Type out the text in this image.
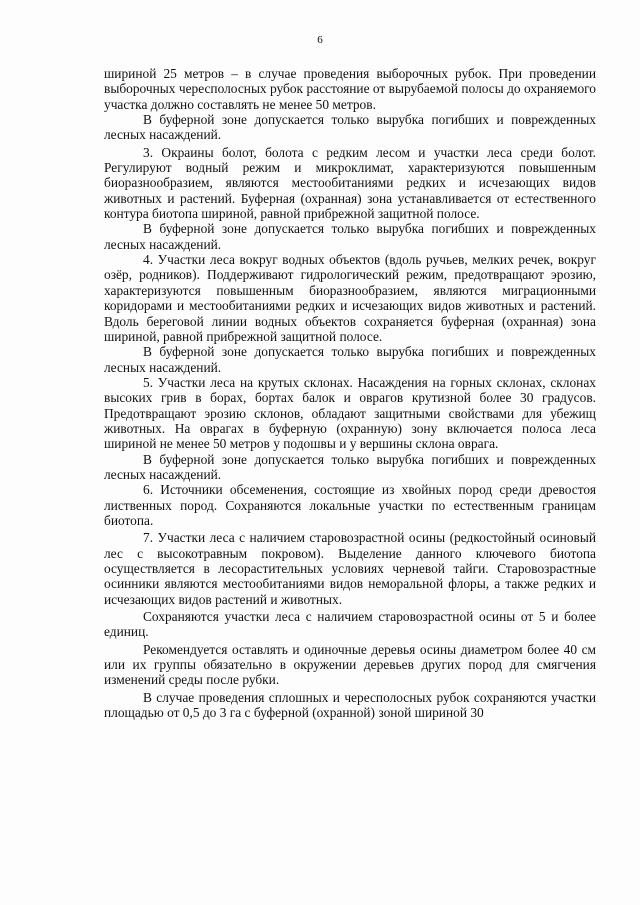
6

шириной 25 метров – в случае проведения выборочных рубок. При проведении выборочных чересполосных рубок расстояние от вырубаемой полосы до охраняемого участка должно составлять не менее 50 метров.

В буферной зоне допускается только вырубка погибших и поврежденных лесных насаждений.

3. Окраины болот, болота с редким лесом и участки леса среди болот. Регулируют водный режим и микроклимат, характеризуются повышенным биоразнообразием, являются местообитаниями редких и исчезающих видов животных и растений. Буферная (охранная) зона устанавливается от естественного контура биотопа шириной, равной прибрежной защитной полосе.

В буферной зоне допускается только вырубка погибших и поврежденных лесных насаждений.

4. Участки леса вокруг водных объектов (вдоль ручьев, мелких речек, вокруг озёр, родников). Поддерживают гидрологический режим, предотвращают эрозию, характеризуются повышенным биоразнообразием, являются миграционными коридорами и местообитаниями редких и исчезающих видов животных и растений. Вдоль береговой линии водных объектов сохраняется буферная (охранная) зона шириной, равной прибрежной защитной полосе.

В буферной зоне допускается только вырубка погибших и поврежденных лесных насаждений.

5. Участки леса на крутых склонах. Насаждения на горных склонах, склонах высоких грив в борах, бортах балок и оврагов крутизной более 30 градусов. Предотвращают эрозию склонов, обладают защитными свойствами для убежищ животных. На оврагах в буферную (охранную) зону включается полоса леса шириной не менее 50 метров у подошвы и у вершины склона оврага.

В буферной зоне допускается только вырубка погибших и поврежденных лесных насаждений.

6. Источники обсеменения, состоящие из хвойных пород среди древостоя лиственных пород. Сохраняются локальные участки по естественным границам биотопа.

7. Участки леса с наличием старовозрастной осины (редкостойный осиновый лес с высокотравным покровом). Выделение данного ключевого биотопа осуществляется в лесорастительных условиях черневой тайги. Старовозрастные осинники являются местообитаниями видов неморальной флоры, а также редких и исчезающих видов растений и животных.

Сохраняются участки леса с наличием старовозрастной осины от 5 и более единиц.

Рекомендуется оставлять и одиночные деревья осины диаметром более 40 см или их группы обязательно в окружении деревьев других пород для смягчения изменений среды после рубки.

В случае проведения сплошных и чересполосных рубок сохраняются участки площадью от 0,5 до 3 га с буферной (охранной) зоной шириной 30
